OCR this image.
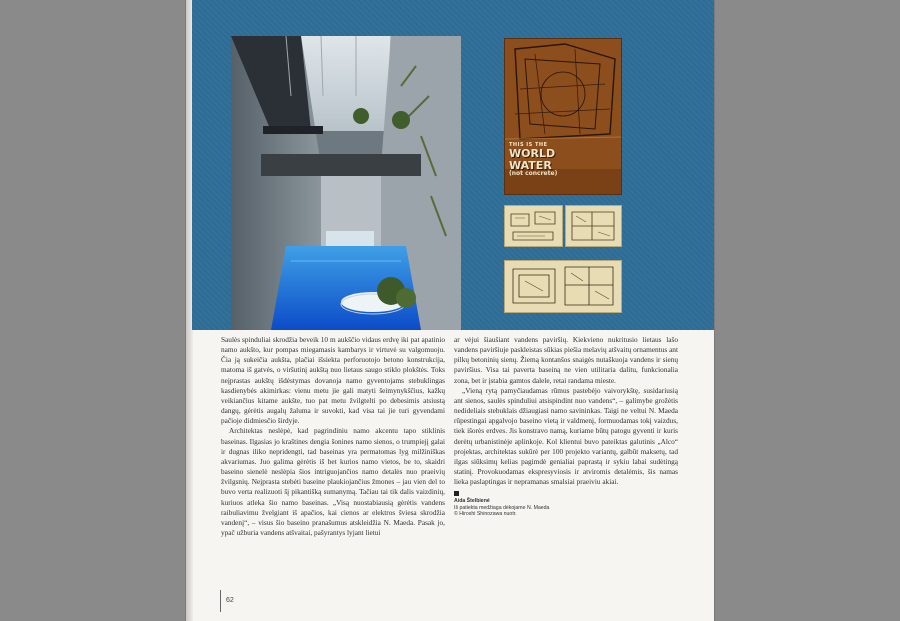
THIS IS THE
WORLD
WATER
(not concrete)

Saulės spinduliai skrodžia beveik 10 m aukščio vidaus erdvę iki pat apatinio namo aukšto, kur pompas miegamasis kambarys ir virtuvė su valgomuoju. Čia ją sukeičia aukšta, plačiai išsiekta perforuotojo betono konstrukcija, matoma iš gatvės, o viršutinį aukštą nuo lietaus saugo stiklo plokštės. Toks neįprastas aukštų išdėstymas dovanoja namo gyventojams stebuklingas kasdienybės akimirkas: vienu metu jie gali matyti šeimynykščius, kažkų veikiančius kitame aukšte, tuo pat metu žvilgtelti po debesimis atsiustą dangų, gėrėtis augalų žaluma ir suvokti, kad visa tai jie turi gyvendami pačioje didmiesčio širdyje.

Architektas neslėpė, kad pagrindiniu namo akcentu tapo stiklinis baseinas. Ilgasias jo kraštines dengia šonines namo sienos, o trumpiejį galai ir dugnas iliko nepridengti, tad baseinas yra permatomas lyg milžiniškas akvariumas. Juo galima gėrėtis iš bet kurios namo vietos, be to, skaidri baseino sienelė neslėpia šios intriguojančios namo detalės nuo praeivių žvilgsnių. Neįprasta stebėti baseine plaukiojančius žmones – jau vien del to buvo verta realizuoti šį pikantišką sumanymą. Tačiau tai tik dalis vaizdinių, kuriuos atleka šio namo baseinas. „Visą nuostabiausią gėrėtis vandens raibuliavimu žvelgiant iš apačios, kai cienos ar elektros šviesa skrodžia vandenį“, – visus šio baseino pranašumus atskleidžia N. Maeda. Pasak jo, ypač užburia vandens atšvaitai, pašyrantys lyjant lietui

ar vėjui šiaušiant vandens paviršių. Kiekvieno nukritusio lietaus lašo vandens paviršiuje paskleistas sūkias piešia melavių atšvaitų ornamentus ant pilkų betoninių sienų. Žiemą kontanšos snaigės nutaškuoja vandens ir sienų paviršius. Visa tai paverta baseiną ne vien utilitaria dalitu, funkcionalia zona, bet ir įstabia gamtos dalele, retai randama mieste.

„Vieną rytą pamyčiaudamas rūmus pastebėjo vaivorykštę, susidariusią ant sienos, saulės spinduliui atsispindint nuo vandens“, – galimybe grožėtis nedideliais stebuklais džiaugiasi namo savininkas. Taigi ne veltui N. Maeda rūpestingai apgalvojo baseino vietą ir valdmenį, formuodamas tokį vaizdus, tiek išorės erdves. Jis konstravo namą, kuriame būtų patogu gyventi ir kuris derėtų urbanistinėje aplinkoje. Kol klientui buvo pateiktas galutinis „Alco“ projektas, architektas sukūrė per 100 projekto variantų, galbūt maksetų, tad ilgas siūksimų kelias pagimdė genialiai paprastą ir sykiu labai sudėtingą statinį. Provokuodamas ekspresyviosis ir atviromis detalėmis, šis namas lieka paslaptingas ir nepramanas smalsiai praeiviu akiai.

Aida Štelbienė
Iš patiekta medžiaga dėkojame N. Maeda
© Hiroshi Shinozawa nuotr.
62
